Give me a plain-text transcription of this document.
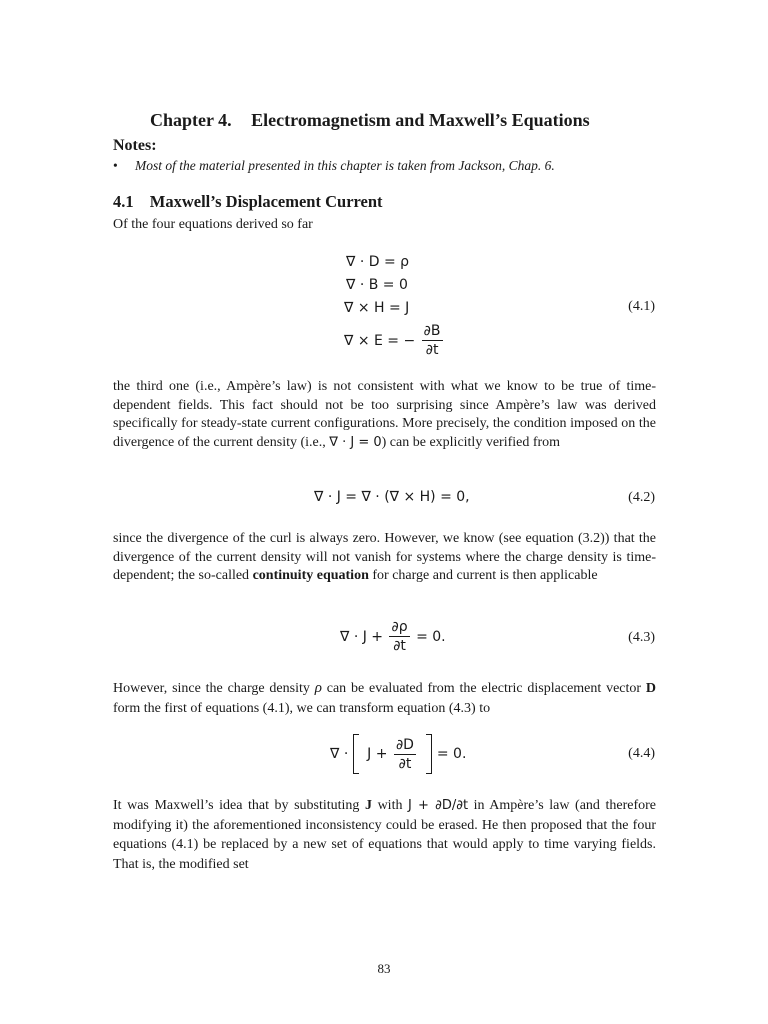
Chapter 4. Electromagnetism and Maxwell’s Equations
Notes:
• Most of the material presented in this chapter is taken from Jackson, Chap. 6.
4.1 Maxwell’s Displacement Current
Of the four equations derived so far
∇ · D = ρ
∇ · B = 0
∇ × H = J
∇ × E = − $\frac{\partial B}{\partial t}$
(4.1)
the third one (i.e., Ampère’s law) is not consistent with what we know to be true of time-dependent fields. This fact should not be too surprising since Ampère’s law was derived specifically for steady-state current configurations. More precisely, the condition imposed on the divergence of the current density (i.e., ∇ · J = 0) can be explicitly verified from
∇ · J = ∇ · (∇ × H) = 0,	(4.2)
since the divergence of the curl is always zero. However, we know (see equation (3.2)) that the divergence of the current density will not vanish for systems where the charge density is time-dependent; the so-called continuity equation for charge and current is then applicable
∇ · $J + \frac{\partial\rho}{\partial t} = 0$.	(4.3)
However, since the charge density ρ can be evaluated from the electric displacement vector D form the first of equations (4.1), we can transform equation (4.3) to
∇ · $J + \frac{\partial D}{\partial t} = 0$.	(4.4)
It was Maxwell’s idea that by substituting J with J + ∂D/∂t in Ampère’s law (and therefore modifying it) the aforementioned inconsistency could be erased. He then proposed that the four equations (4.1) be replaced by a new set of equations that would apply to time varying fields. That is, the modified set
83
